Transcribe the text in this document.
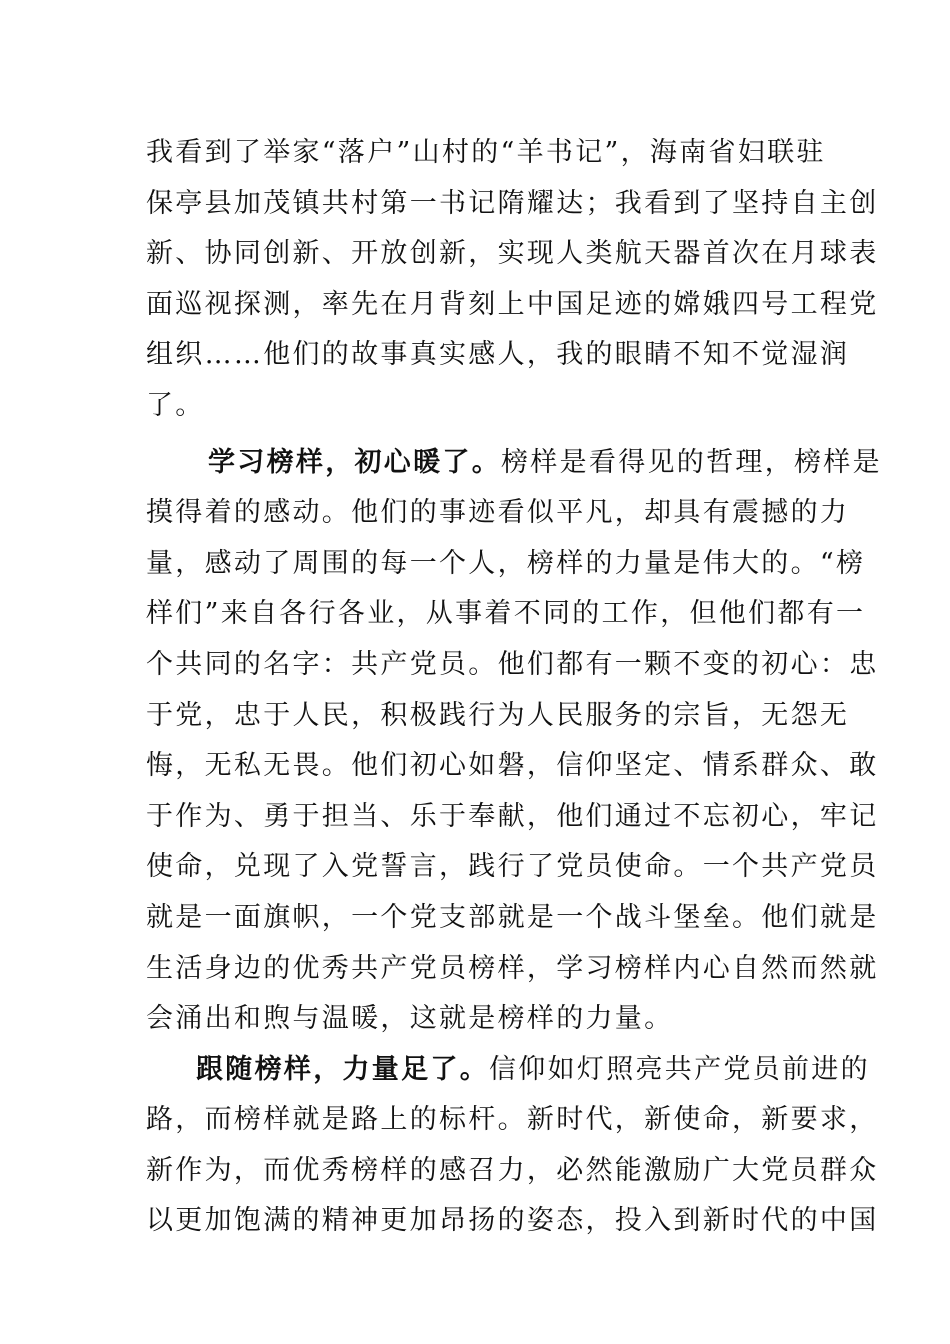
我看到了举家“落户”山村的“羊书记”，海南省妇联驻
保亭县加茂镇共村第一书记隋耀达；我看到了坚持自主创
新、协同创新、开放创新，实现人类航天器首次在月球表
面巡视探测，率先在月背刻上中国足迹的嫦娥四号工程党
组织……他们的故事真实感人，我的眼睛不知不觉湿润
了。
学习榜样，初心暖了。榜样是看得见的哲理，榜样是
摸得着的感动。他们的事迹看似平凡，却具有震撼的力
量，感动了周围的每一个人，榜样的力量是伟大的。“榜
样们”来自各行各业，从事着不同的工作，但他们都有一
个共同的名字：共产党员。他们都有一颗不变的初心：忠
于党，忠于人民，积极践行为人民服务的宗旨，无怨无
悔，无私无畏。他们初心如磐，信仰坚定、情系群众、敢
于作为、勇于担当、乐于奉献，他们通过不忘初心，牢记
使命，兑现了入党誓言，践行了党员使命。一个共产党员
就是一面旗帜，一个党支部就是一个战斗堡垒。他们就是
生活身边的优秀共产党员榜样，学习榜样内心自然而然就
会涌出和煦与温暖，这就是榜样的力量。
跟随榜样，力量足了。信仰如灯照亮共产党员前进的
路，而榜样就是路上的标杆。新时代，新使命，新要求，
新作为，而优秀榜样的感召力，必然能激励广大党员群众
以更加饱满的精神更加昂扬的姿态，投入到新时代的中国
